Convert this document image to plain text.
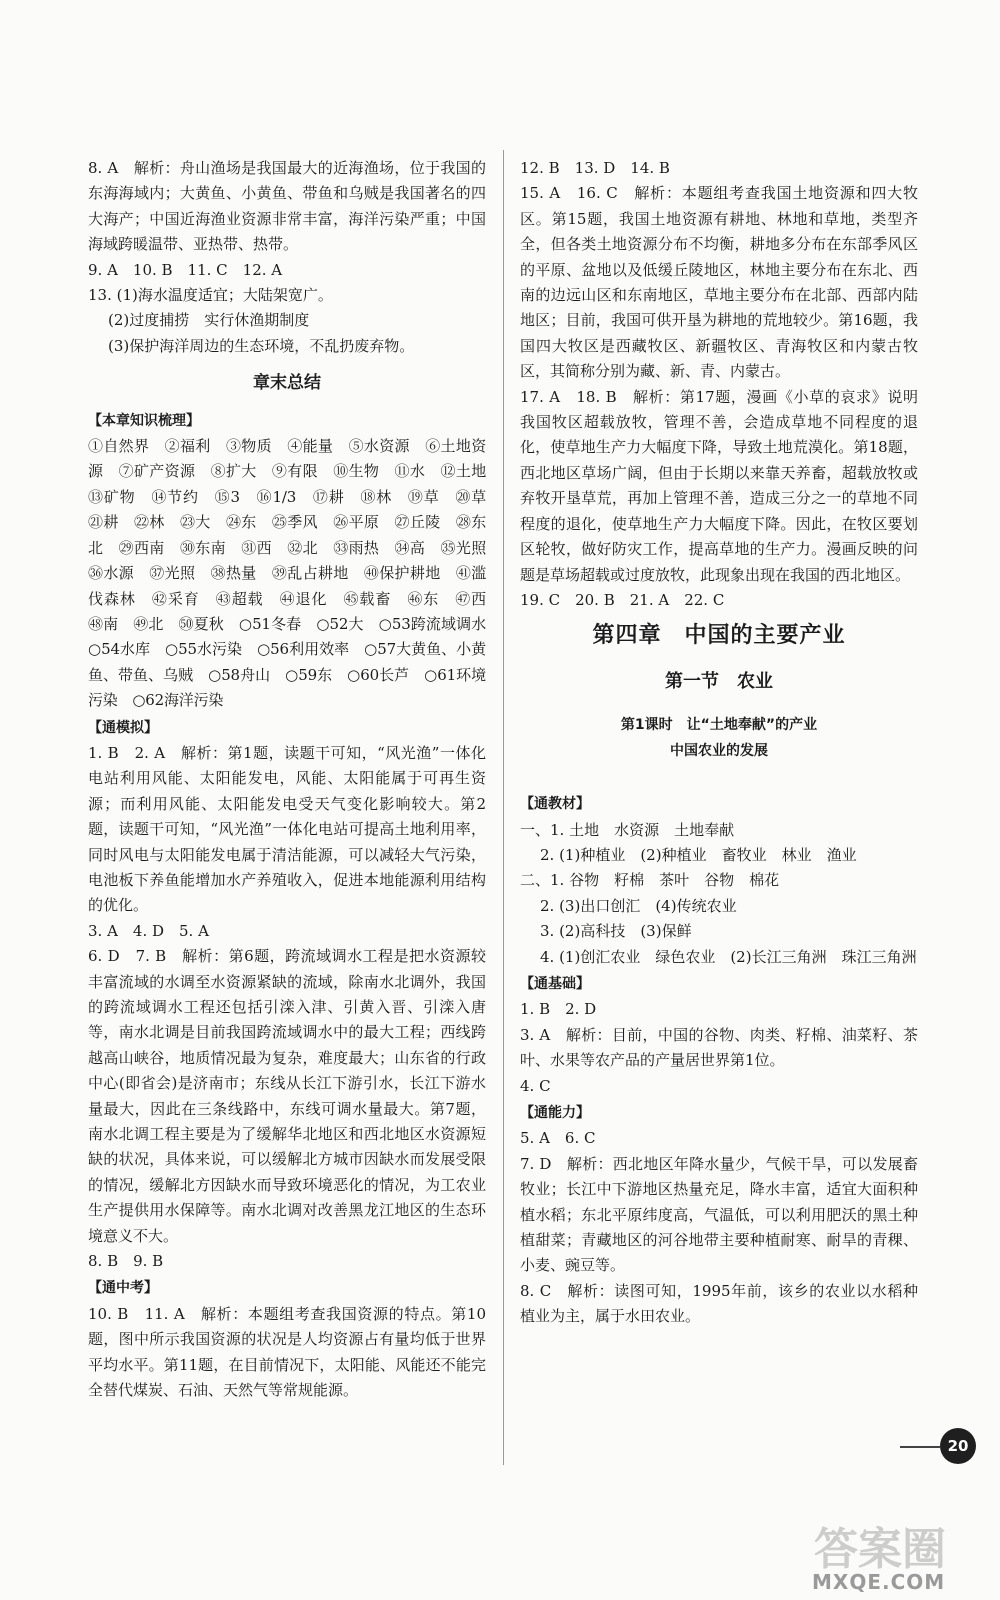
8. A　解析：舟山渔场是我国最大的近海渔场，位于我国的东海海域内；大黄鱼、小黄鱼、带鱼和乌贼是我国著名的四大海产；中国近海渔业资源非常丰富，海洋污染严重；中国海域跨暖温带、亚热带、热带。

9. A　10. B　11. C　12. A

13. (1)海水温度适宜；大陆架宽广。

(2)过度捕捞　实行休渔期制度

(3)保护海洋周边的生态环境，不乱扔废弃物。

章末总结
【本章知识梳理】

①自然界　②福利　③物质　④能量　⑤水资源　⑥土地资源　⑦矿产资源　⑧扩大　⑨有限　⑩生物　⑪水　⑫土地　⑬矿物　⑭节约　⑮3　⑯1/3　⑰耕　⑱林　⑲草　⑳草　㉑耕　㉒林　㉓大　㉔东　㉕季风　㉖平原　㉗丘陵　㉘东北　㉙西南　㉚东南　㉛西　㉜北　㉝雨热　㉞高　㉟光照　㊱水源　㊲光照　㊳热量　㊴乱占耕地　㊵保护耕地　㊶滥伐森林　㊷采育　㊸超载　㊹退化　㊺载畜　㊻东　㊼西　㊽南　㊾北　㊿夏秋　○51冬春　○52大　○53跨流域调水　○54水库　○55水污染　○56利用效率　○57大黄鱼、小黄鱼、带鱼、乌贼　○58舟山　○59东　○60长芦　○61环境污染　○62海洋污染

【通模拟】

1. B　2. A　解析：第1题，读题干可知，“风光渔”一体化电站利用风能、太阳能发电，风能、太阳能属于可再生资源；而利用风能、太阳能发电受天气变化影响较大。第2题，读题干可知，“风光渔”一体化电站可提高土地利用率，同时风电与太阳能发电属于清洁能源，可以减轻大气污染，电池板下养鱼能增加水产养殖收入，促进本地能源利用结构的优化。

3. A　4. D　5. A

6. D　7. B　解析：第6题，跨流域调水工程是把水资源较丰富流域的水调至水资源紧缺的流域，除南水北调外，我国的跨流域调水工程还包括引滦入津、引黄入晋、引滦入唐等，南水北调是目前我国跨流域调水中的最大工程；西线跨越高山峡谷，地质情况最为复杂，难度最大；山东省的行政中心(即省会)是济南市；东线从长江下游引水，长江下游水量最大，因此在三条线路中，东线可调水量最大。第7题，南水北调工程主要是为了缓解华北地区和西北地区水资源短缺的状况，具体来说，可以缓解北方城市因缺水而发展受限的情况，缓解北方因缺水而导致环境恶化的情况，为工农业生产提供用水保障等。南水北调对改善黑龙江地区的生态环境意义不大。

8. B　9. B

【通中考】

10. B　11. A　解析：本题组考查我国资源的特点。第10题，图中所示我国资源的状况是人均资源占有量均低于世界平均水平。第11题，在目前情况下，太阳能、风能还不能完全替代煤炭、石油、天然气等常规能源。

12. B　13. D　14. B

15. A　16. C　解析：本题组考查我国土地资源和四大牧区。第15题，我国土地资源有耕地、林地和草地，类型齐全，但各类土地资源分布不均衡，耕地多分布在东部季风区的平原、盆地以及低缓丘陵地区，林地主要分布在东北、西南的边远山区和东南地区，草地主要分布在北部、西部内陆地区；目前，我国可供开垦为耕地的荒地较少。第16题，我国四大牧区是西藏牧区、新疆牧区、青海牧区和内蒙古牧区，其简称分别为藏、新、青、内蒙古。

17. A　18. B　解析：第17题，漫画《小草的哀求》说明我国牧区超载放牧，管理不善，会造成草地不同程度的退化，使草地生产力大幅度下降，导致土地荒漠化。第18题，西北地区草场广阔，但由于长期以来靠天养畜，超载放牧或弃牧开垦草荒，再加上管理不善，造成三分之一的草地不同程度的退化，使草地生产力大幅度下降。因此，在牧区要划区轮牧，做好防灾工作，提高草地的生产力。漫画反映的问题是草场超载或过度放牧，此现象出现在我国的西北地区。

19. C　20. B　21. A　22. C

第四章　中国的主要产业
第一节　农业
第1课时　让“土地奉献”的产业
中国农业的发展
【通教材】

一、1. 土地　水资源　土地奉献

2. (1)种植业　(2)种植业　畜牧业　林业　渔业

二、1. 谷物　籽棉　茶叶　谷物　棉花

2. (3)出口创汇　(4)传统农业

3. (2)高科技　(3)保鲜

4. (1)创汇农业　绿色农业　(2)长江三角洲　珠江三角洲

【通基础】

1. B　2. D

3. A　解析：目前，中国的谷物、肉类、籽棉、油菜籽、茶叶、水果等农产品的产量居世界第1位。

4. C

【通能力】

5. A　6. C

7. D　解析：西北地区年降水量少，气候干旱，可以发展畜牧业；长江中下游地区热量充足，降水丰富，适宜大面积种植水稻；东北平原纬度高，气温低，可以利用肥沃的黑土种植甜菜；青藏地区的河谷地带主要种植耐寒、耐旱的青稞、小麦、豌豆等。

8. C　解析：读图可知，1995年前，该乡的农业以水稻种植业为主，属于水田农业。

20
答案圈
MXQE.COM
